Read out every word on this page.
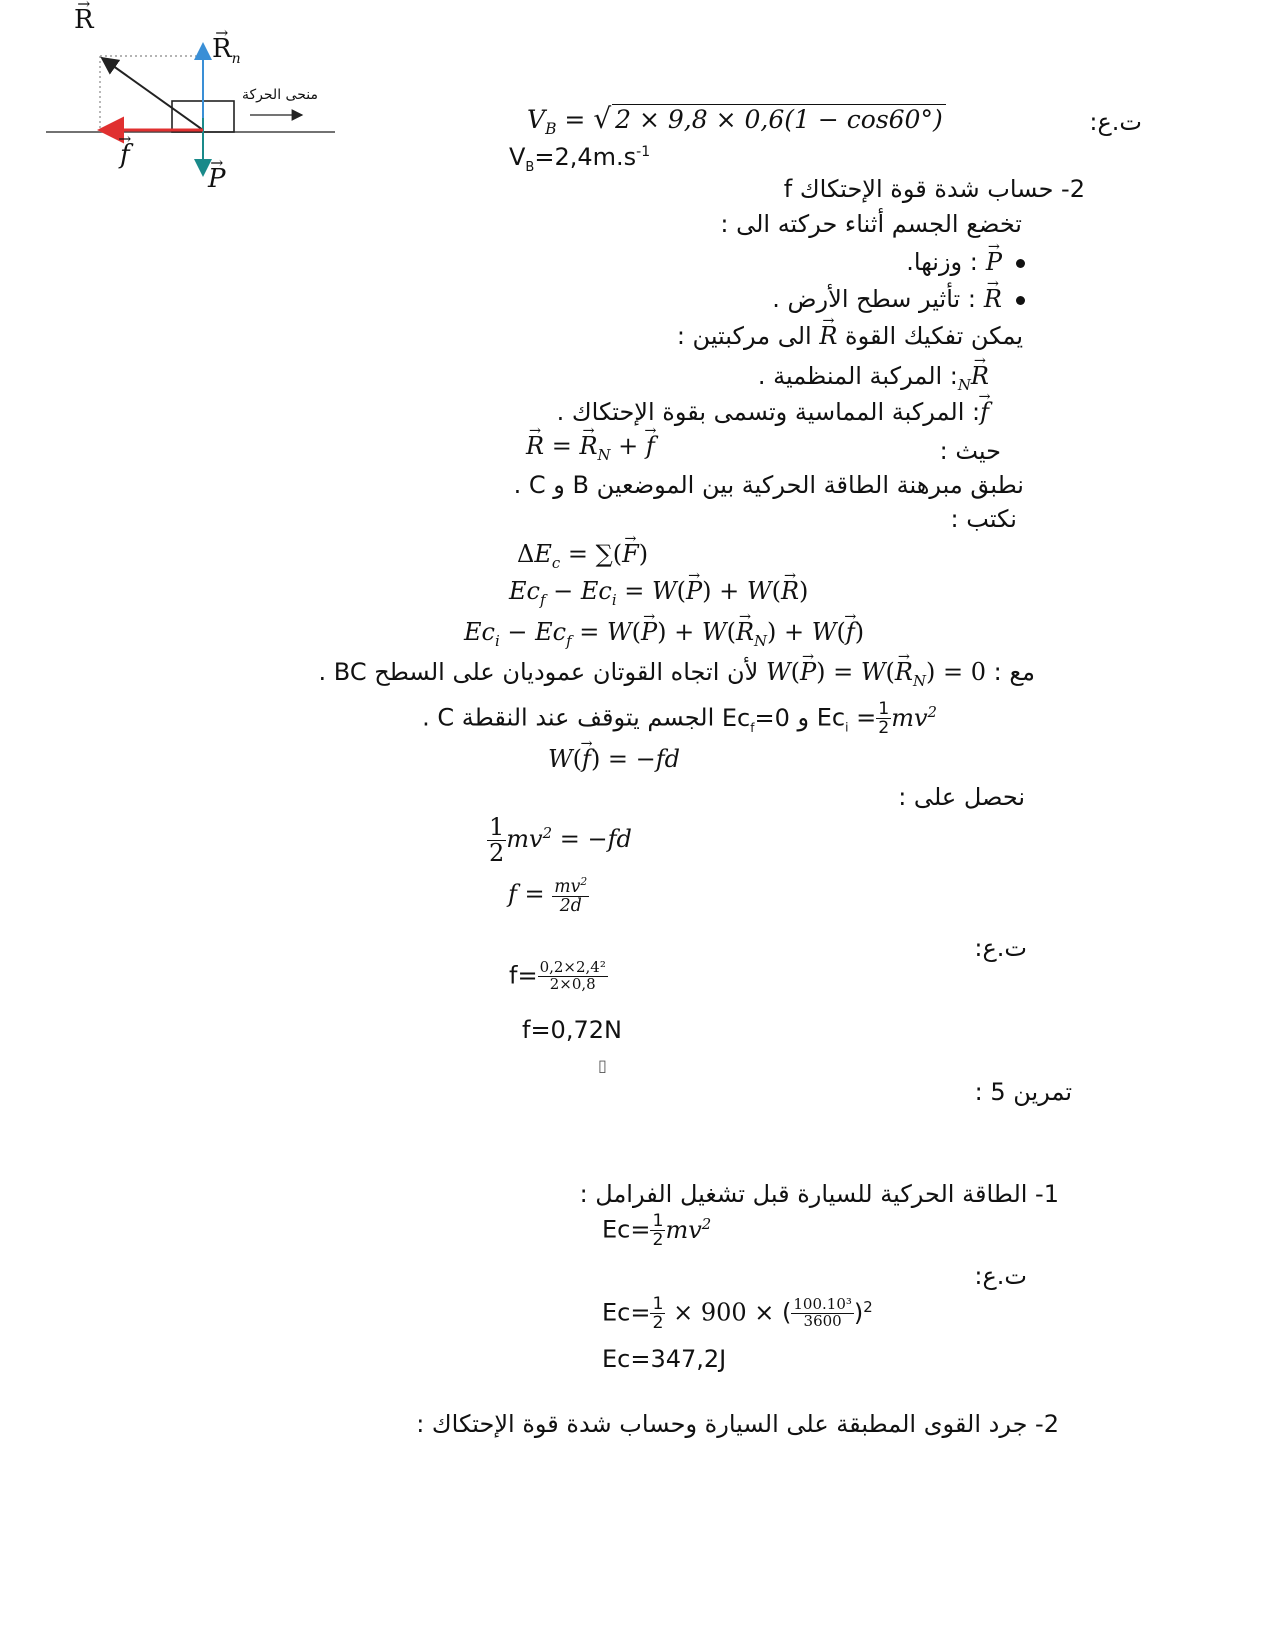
R →
$R \to_n$
منحى الحركة
f →
P →
ت.ع:
$V_B$ = √ 2 × 9,8 × 0,6(1 − cos60°)
$V_B=2,4m.s^{-1}$
2- حساب شدة قوة الإحتكاك f
تخضع الجسم أثناء حركته الى :
P →: وزنها.
R →: تأثير سطح الأرض .
يمكن تفكيك القوة R → الى مركبتين :
$R \to_N$: المركبة المنظمية .
f →: المركبة المماسية وتسمى بقوة الإحتكاك .
حيث :
R → = $R \to_N + f$ →
نطبق مبرهنة الطاقة الحركية بين الموضعين B و C .
نكتب :
$\Delta E_c = \sum(F$ →)
$Ec_f - Ec_i = W(P$ →) + W(R →)
$Ec_i - Ec_f = W(P$ →) + $W(R \to_N) + W(f$ →)
مع : W(P →) = $W(R \to_N) = 0$ لأن اتجاه القوتان عموديان على السطح BC .
$Ec_i = \frac{1}{2} mv^2$ و $Ec_f=0$ الجسم يتوقف عند النقطة C .
W(f →) = −fd
نحصل على :
$\frac{1}{2} mv^2 = -fd$
$f = \frac{mv^2}{2d}$
ت.ع:
$f= \frac{\text{0,2×2,4²}}{2\times 0,8}$
f=0,72N
▯
تمرين 5 :
1- الطاقة الحركية للسيارة قبل تشغيل الفرامل :
$Ec= \frac{1}{2} mv^2$
ت.ع:
$Ec= \frac{1}{2} \times 900$ × ( $\frac{\text{100.10³}}{3600} )^2$
Ec=347,2J
2- جرد القوى المطبقة على السيارة وحساب شدة قوة الإحتكاك :
